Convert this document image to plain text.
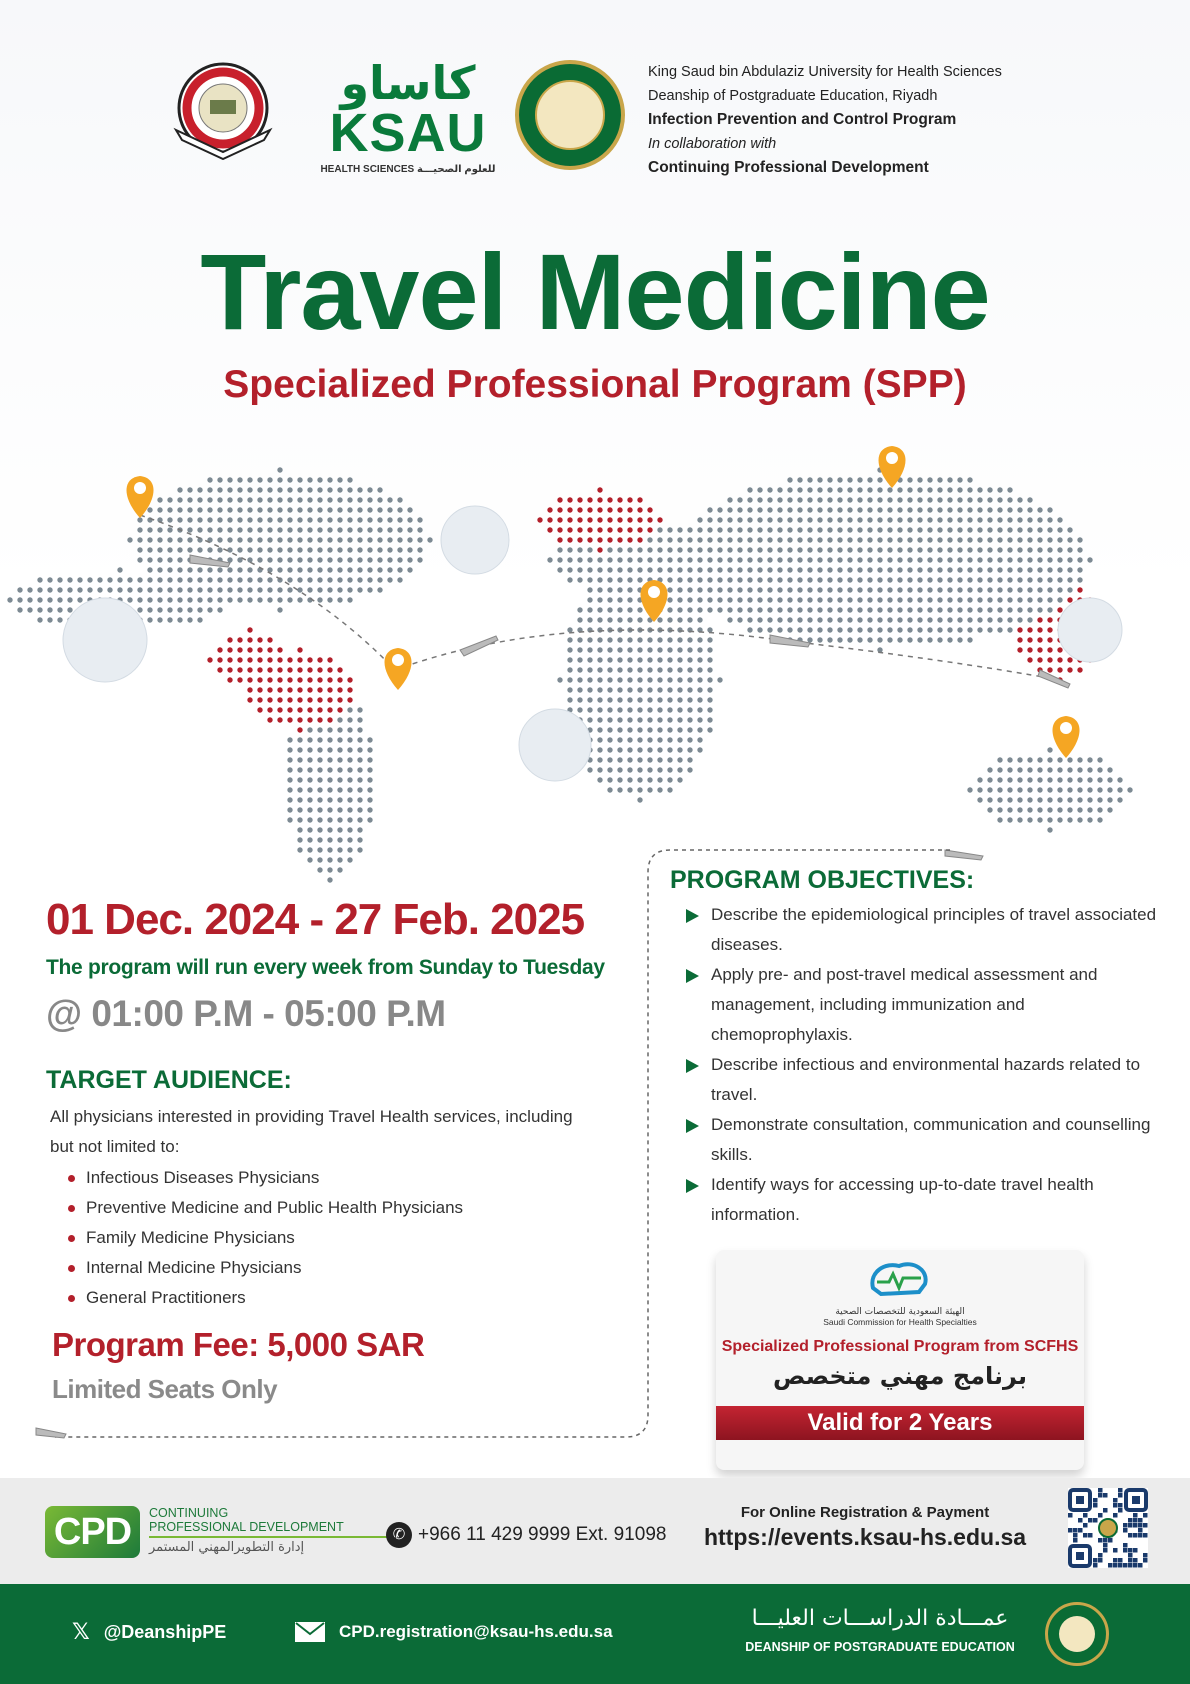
كاساو
KSAU
HEALTH SCIENCES للعلوم الصحيـــة
King Saud bin Abdulaziz University for Health Sciences
Deanship of Postgraduate Education, Riyadh
Infection Prevention and Control Program
In collaboration with
Continuing Professional Development
Travel Medicine
Specialized Professional Program (SPP)
01 Dec. 2024 - 27 Feb. 2025
The program will run every week from Sunday to Tuesday
@ 01:00 P.M - 05:00 P.M
TARGET AUDIENCE:
All physicians interested in providing Travel Health services, including but not limited to:
Infectious Diseases Physicians
Preventive Medicine and Public Health Physicians
Family Medicine Physicians
Internal Medicine Physicians
General Practitioners
Program Fee: 5,000 SAR
Limited Seats Only
PROGRAM OBJECTIVES:
Describe the epidemiological principles of travel associated diseases.
Apply pre- and post-travel medical assessment and management, including immunization and chemoprophylaxis.
Describe infectious and environmental hazards related to travel.
Demonstrate consultation, communication and counselling skills.
Identify ways for accessing up-to-date travel health information.
الهيئة السعودية للتخصصات الصحية
Saudi Commission for Health Specialties
Specialized Professional Program from SCFHS
برنامج مهني متخصص
Valid for 2 Years
CPD	CONTINUING
PROFESSIONAL DEVELOPMENT
إدارة التطويرالمهني المستمر
✆ +966 11 429 9999 Ext. 91098
For Online Registration & Payment
https://events.ksau-hs.edu.sa
𝕏 @DeanshipPE	CPD.registration@ksau-hs.edu.sa
عمـــادة الدراســـات العليـــا
DEANSHIP OF POSTGRADUATE EDUCATION
